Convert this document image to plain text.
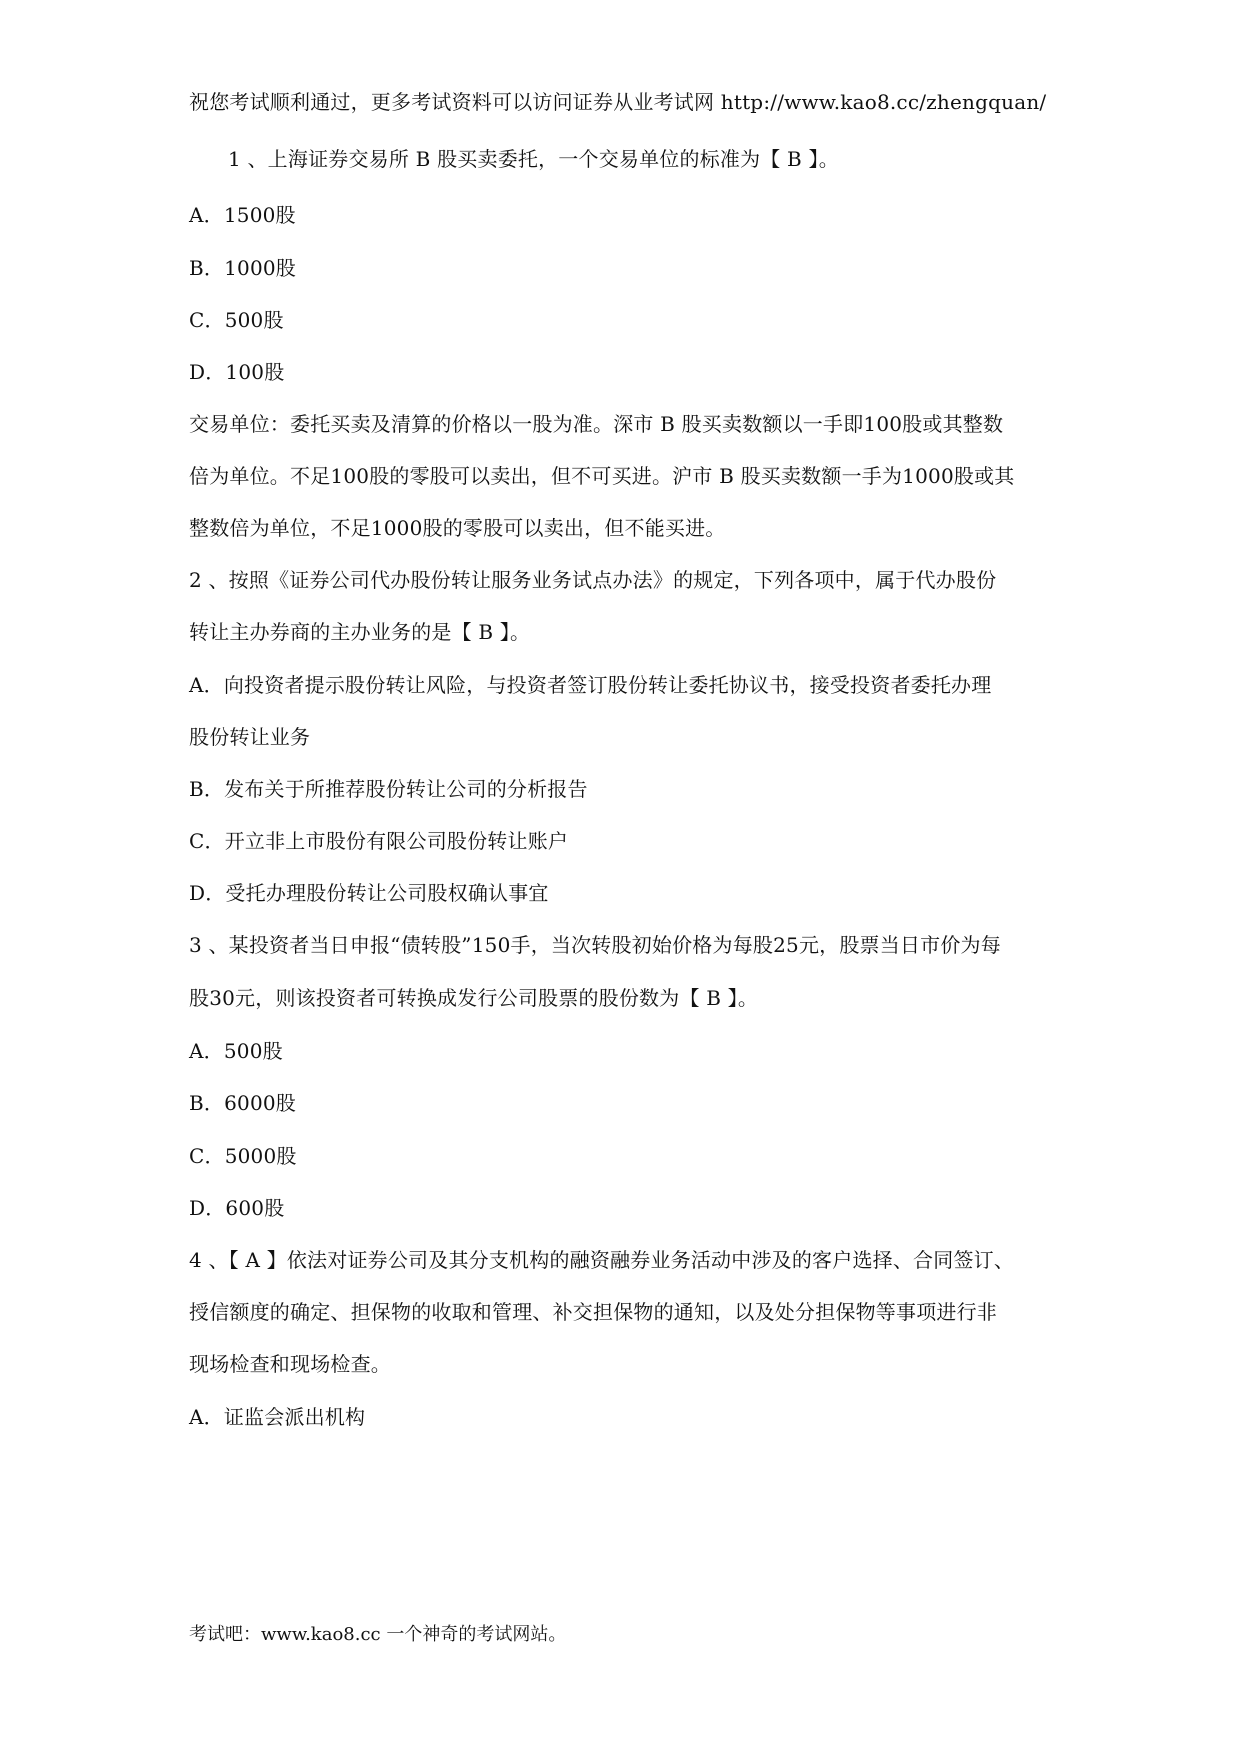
祝您考试顺利通过，更多考试资料可以访问证券从业考试网 http://www.kao8.cc/zhengquan/
1 、上海证券交易所 B 股买卖委托，一个交易单位的标准为【 B 】。
A．1500股
B．1000股
C．500股
D．100股
交易单位：委托买卖及清算的价格以一股为准。深市 B 股买卖数额以一手即100股或其整数
倍为单位。不足100股的零股可以卖出，但不可买进。沪市 B 股买卖数额一手为1000股或其
整数倍为单位，不足1000股的零股可以卖出，但不能买进。
2 、按照《证券公司代办股份转让服务业务试点办法》的规定，下列各项中，属于代办股份
转让主办券商的主办业务的是【 B 】。
A．向投资者提示股份转让风险，与投资者签订股份转让委托协议书，接受投资者委托办理
股份转让业务
B．发布关于所推荐股份转让公司的分析报告
C．开立非上市股份有限公司股份转让账户
D．受托办理股份转让公司股权确认事宜
3 、某投资者当日申报“债转股”150手，当次转股初始价格为每股25元，股票当日市价为每
股30元，则该投资者可转换成发行公司股票的股份数为【 B 】。
A．500股
B．6000股
C．5000股
D．600股
4 、【 A 】依法对证券公司及其分支机构的融资融券业务活动中涉及的客户选择、合同签订、
授信额度的确定、担保物的收取和管理、补交担保物的通知，以及处分担保物等事项进行非
现场检查和现场检查。
A．证监会派出机构
考试吧：www.kao8.cc 一个神奇的考试网站。
